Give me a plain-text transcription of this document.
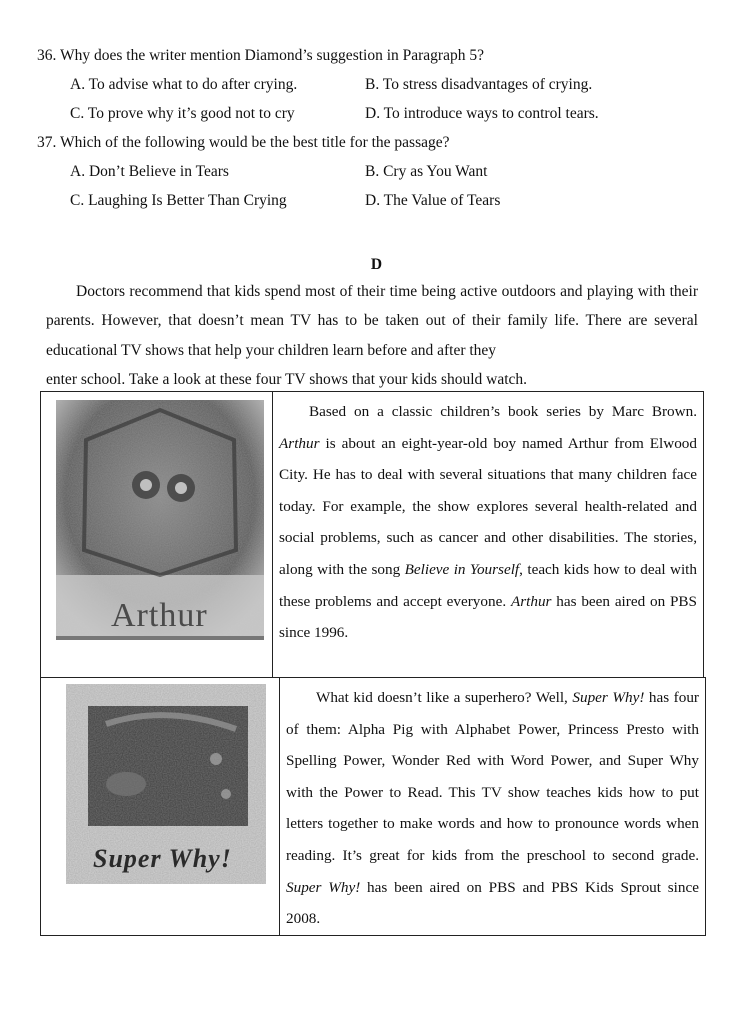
36. Why does the writer mention Diamond’s suggestion in Paragraph 5?
A. To advise what to do after crying.	B. To stress disadvantages of crying.
C. To prove why it’s good not to cry	D. To introduce ways to control tears.
37. Which of the following would be the best title for the passage?
A. Don’t Believe in Tears	B. Cry as You Want
C. Laughing Is Better Than Crying	D. The Value of Tears
D
Doctors recommend that kids spend most of their time being active outdoors and playing with their parents. However, that doesn’t mean TV has to be taken out of their family life. There are several educational TV shows that help your children learn before and after they
enter school. Take a look at these four TV shows that your kids should watch.
Arthur

Based on a classic children’s book series by Marc Brown. Arthur is about an eight-year-old boy named Arthur from Elwood City. He has to deal with several situations that many children face today. For example, the show explores several health-related and social problems, such as cancer and other disabilities. The stories, along with the song Believe in Yourself, teach kids how to deal with these problems and accept everyone. Arthur has been aired on PBS since 1996.

Super Why!

What kid doesn’t like a superhero? Well, Super Why! has four of them: Alpha Pig with Alphabet Power, Princess Presto with Spelling Power, Wonder Red with Word Power, and Super Why with the Power to Read. This TV show teaches kids how to put letters together to make words and how to pronounce words when reading. It’s great for kids from the preschool to second grade. Super Why! has been aired on PBS and PBS Kids Sprout since 2008.
